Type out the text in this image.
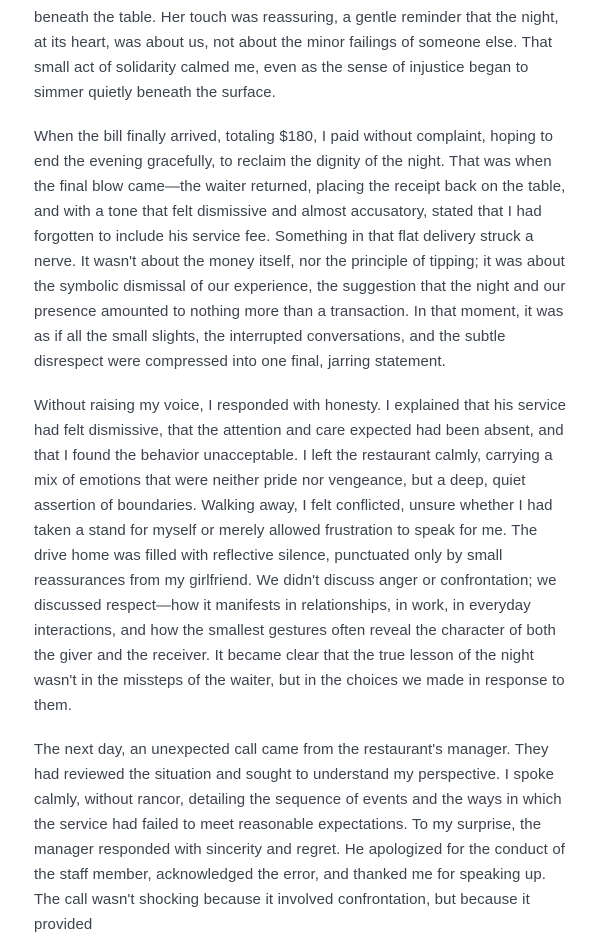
beneath the table. Her touch was reassuring, a gentle reminder that the night, at its heart, was about us, not about the minor failings of someone else. That small act of solidarity calmed me, even as the sense of injustice began to simmer quietly beneath the surface.

When the bill finally arrived, totaling $180, I paid without complaint, hoping to end the evening gracefully, to reclaim the dignity of the night. That was when the final blow came—the waiter returned, placing the receipt back on the table, and with a tone that felt dismissive and almost accusatory, stated that I had forgotten to include his service fee. Something in that flat delivery struck a nerve. It wasn't about the money itself, nor the principle of tipping; it was about the symbolic dismissal of our experience, the suggestion that the night and our presence amounted to nothing more than a transaction. In that moment, it was as if all the small slights, the interrupted conversations, and the subtle disrespect were compressed into one final, jarring statement.

Without raising my voice, I responded with honesty. I explained that his service had felt dismissive, that the attention and care expected had been absent, and that I found the behavior unacceptable. I left the restaurant calmly, carrying a mix of emotions that were neither pride nor vengeance, but a deep, quiet assertion of boundaries. Walking away, I felt conflicted, unsure whether I had taken a stand for myself or merely allowed frustration to speak for me. The drive home was filled with reflective silence, punctuated only by small reassurances from my girlfriend. We didn't discuss anger or confrontation; we discussed respect—how it manifests in relationships, in work, in everyday interactions, and how the smallest gestures often reveal the character of both the giver and the receiver. It became clear that the true lesson of the night wasn't in the missteps of the waiter, but in the choices we made in response to them.

The next day, an unexpected call came from the restaurant's manager. They had reviewed the situation and sought to understand my perspective. I spoke calmly, without rancor, detailing the sequence of events and the ways in which the service had failed to meet reasonable expectations. To my surprise, the manager responded with sincerity and regret. He apologized for the conduct of the staff member, acknowledged the error, and thanked me for speaking up. The call wasn't shocking because it involved confrontation, but because it provided
